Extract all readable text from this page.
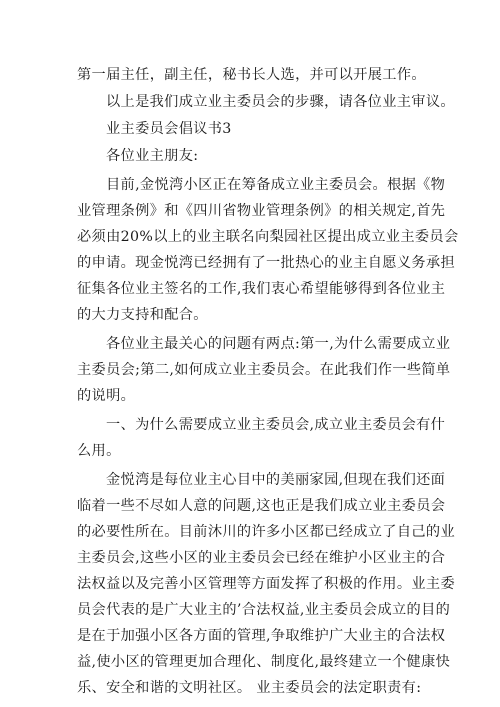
第一届主任，副主任，秘书长人选，并可以开展工作。
以上是我们成立业主委员会的步骤，请各位业主审议。
业主委员会倡议书3
各位业主朋友:
目前,金悦湾小区正在筹备成立业主委员会。根据《物
业管理条例》和《四川省物业管理条例》的相关规定,首先
必须由20%以上的业主联名向梨园社区提出成立业主委员会
的申请。现金悦湾已经拥有了一批热心的业主自愿义务承担
征集各位业主签名的工作,我们衷心希望能够得到各位业主
的大力支持和配合。
各位业主最关心的问题有两点:第一,为什么需要成立业
主委员会;第二,如何成立业主委员会。在此我们作一些简单
的说明。
一、为什么需要成立业主委员会,成立业主委员会有什
么用。
金悦湾是每位业主心目中的美丽家园,但现在我们还面
临着一些不尽如人意的问题,这也正是我们成立业主委员会
的必要性所在。目前沐川的许多小区都已经成立了自己的业
主委员会,这些小区的业主委员会已经在维护小区业主的合
法权益以及完善小区管理等方面发挥了积极的作用。业主委
员会代表的是广大业主的’合法权益,业主委员会成立的目的
是在于加强小区各方面的管理,争取维护广大业主的合法权
益,使小区的管理更加合理化、制度化,最终建立一个健康快
乐、安全和谐的文明社区。 业主委员会的法定职责有:
